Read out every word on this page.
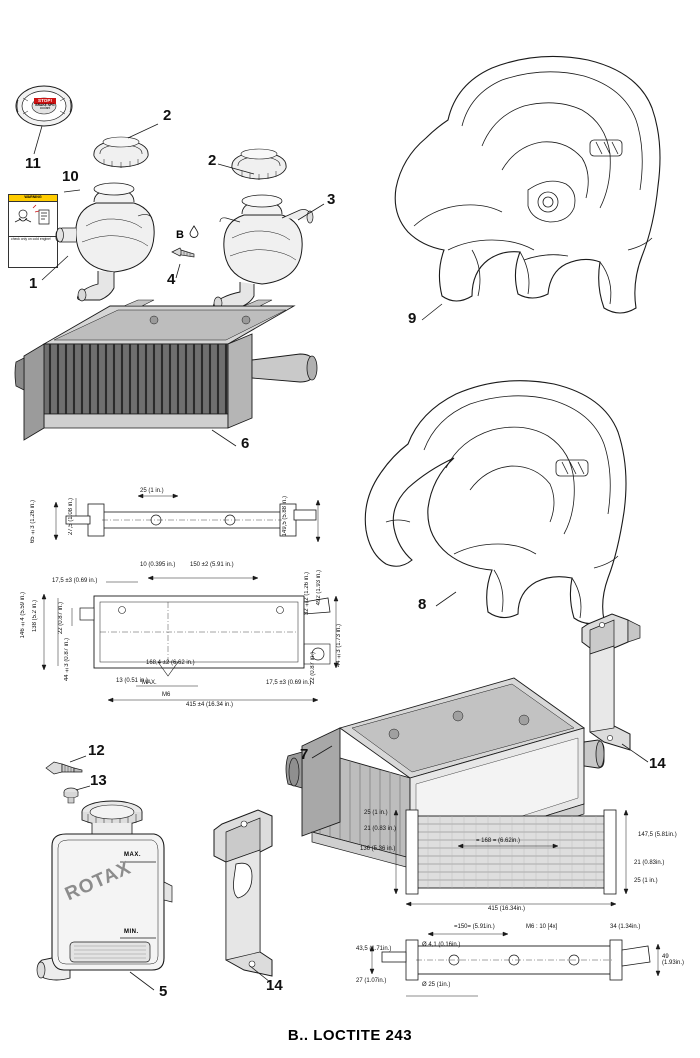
STOP!
BRAKE NPG
coolant
WARNING
check only on cold engine!	B
65 ±3 (1.26 in.)	27,5 (1.08 in.)
25 (1 in.)
149,5 (5.88 in.)
146 ±4 (5.59 in.) 138 (5.2 in.)	22 (0.87 in.)
10 (0.395 in.) 150 ±2 (5.91 in.)
17,5 ±3 (0.69 in.)	32 ±2 (1.26 in.) 492 (1.93 in.)
44 ±3 (1.73 in.)
22 (0.87 in.)
44 ±3 (0.87 in.)	168,4 ±2 (6.62 in.)
13 (0.51 in.)
M6
MAX.	17,5 ±3 (0.69 in.)
415 ±4 (16.34 in.)
MAX.
MIN.
ROTAX
25 (1 in.)
21 (0.83 in.)
136 (5.36 in.)
= 168 = (6.62in.)
147,5 (5.81in.)
21 (0.83in.)
25 (1 in.)
415 (16.34in.)
=150= (5.91in.)	M6 : 10 [4x]	34 (1.34in.)
43,5 (1.71in.)
Ø 4,1 (0.16in.)
27 (1.07in.)
Ø 25 (1in.)
49 (1.93in.)
1
2
2
3
4
5
6
7
8
9
10
11
12
13
14
14
B.. LOCTITE 243
